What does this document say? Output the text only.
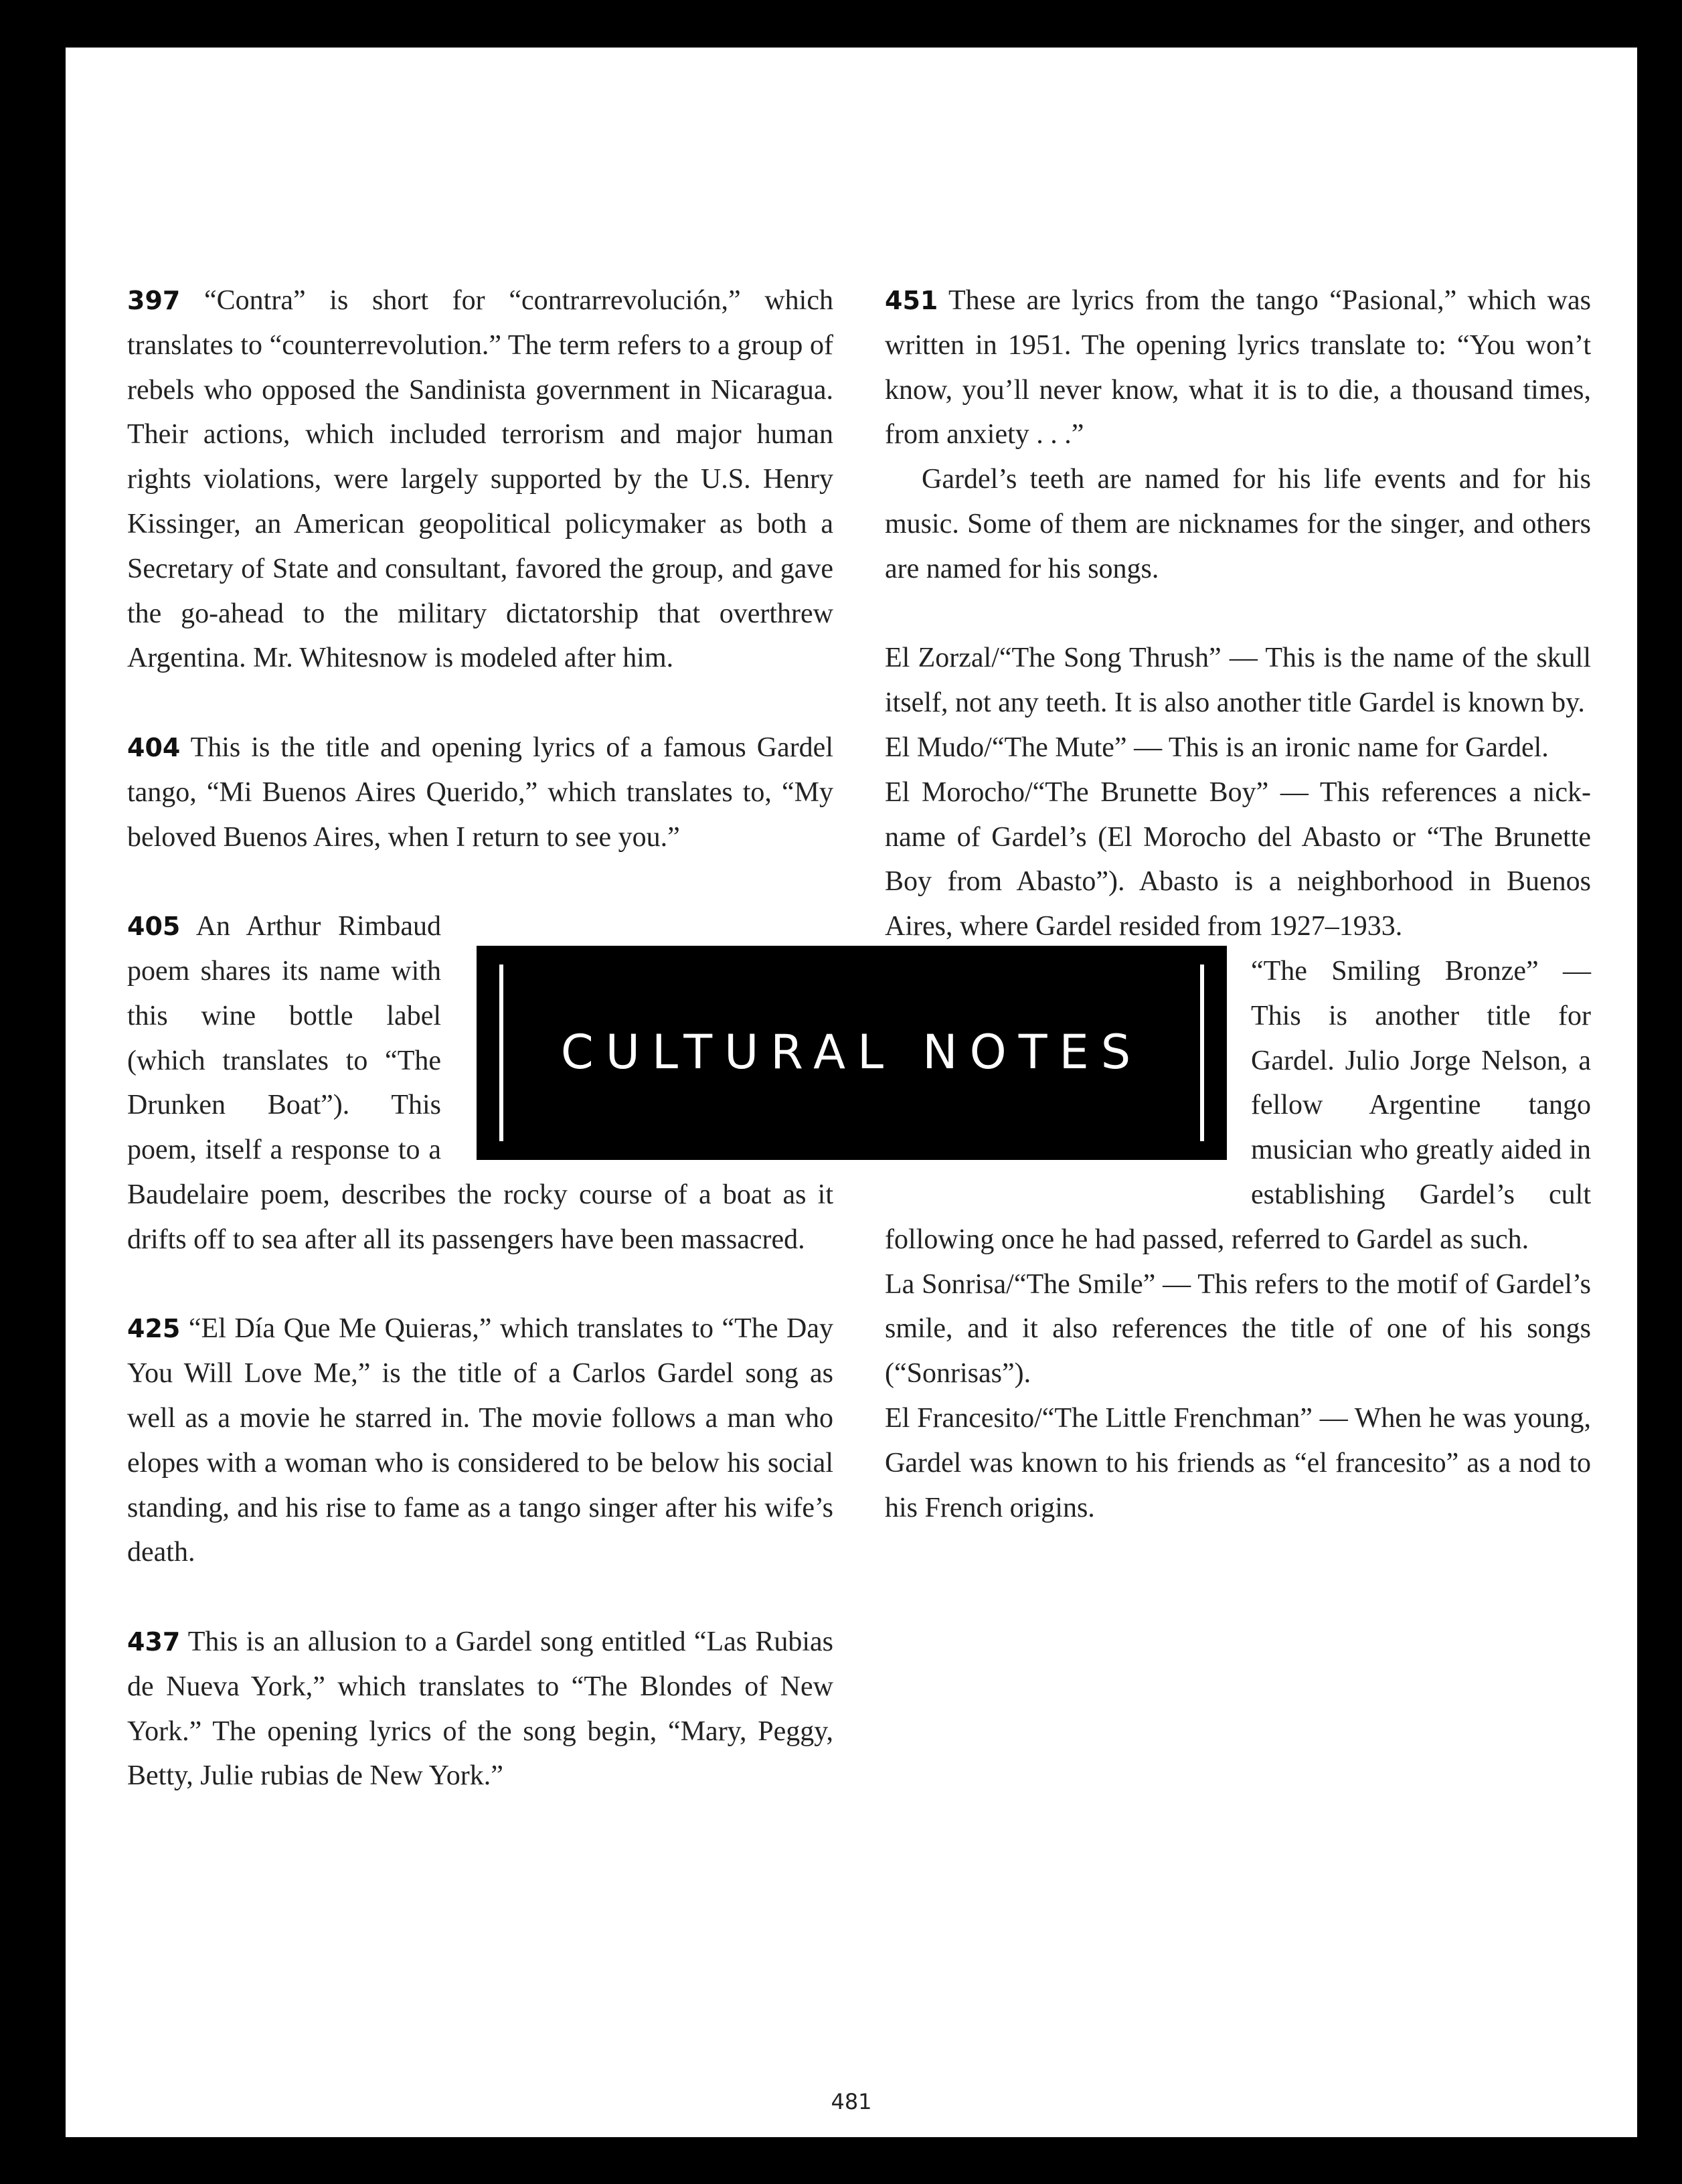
397 “Contra” is short for “contrarrevolución,” which translates to “counterrevolution.” The term refers to a group of rebels who opposed the Sandinista government in Nicaragua. Their actions, which included terrorism and major human rights violations, were largely supported by the U.S. Henry Kissinger, an American geopolitical policymaker as both a Secretary of State and consultant, favored the group, and gave the go-ahead to the military dictatorship that overthrew Argentina. Mr. Whitesnow is modeled after him.

404 This is the title and opening lyrics of a famous Gardel tango, “Mi Buenos Aires Querido,” which translates to, “My beloved Buenos Aires, when I return to see you.”

405 An Arthur Rimbaud poem shares its name with this wine bottle label (which translates to “The Drunken Boat”). This poem, itself a response to a Baudelaire poem, describes the rocky course of a boat as it drifts off to sea after all its passengers have been massacred.

425 “El Día Que Me Quieras,” which translates to “The Day You Will Love Me,” is the title of a Carlos Gardel song as well as a movie he starred in. The movie follows a man who elopes with a woman who is considered to be below his social standing, and his rise to fame as a tango singer after his wife’s death.

437 This is an allusion to a Gardel song entitled “Las Rubias de Nueva York,” which translates to “The Blondes of New York.” The opening lyrics of the song begin, “Mary, Peggy, Betty, Julie rubias de New York.”

451 These are lyrics from the tango “Pasional,” which was written in 1951. The opening lyrics translate to: “You won’t know, you’ll never know, what it is to die, a thousand times, from anxiety . . .”

Gardel’s teeth are named for his life events and for his music. Some of them are nicknames for the singer, and others are named for his songs.

El Zorzal/“The Song Thrush” — This is the name of the skull itself, not any teeth. It is also another title Gardel is known by.

El Mudo/“The Mute” — This is an ironic name for Gardel.

El Morocho/“The Brunette Boy” — This references a nickname of Gardel’s (El Morocho del Abasto or “The Brunette Boy from Abasto”). Abasto is a neighborhood in Buenos Aires, where Gardel resided from 1927–1933.

“The Smiling Bronze” — This is another title for Gardel. Julio Jorge Nelson, a fellow Argentine tango musician who greatly aided in establishing Gardel’s cult following once he had passed, referred to Gardel as such.

La Sonrisa/“The Smile” — This refers to the motif of Gardel’s smile, and it also references the title of one of his songs (“Sonrisas”).

El Francesito/“The Little Frenchman” — When he was young, Gardel was known to his friends as “el francesito” as a nod to his French origins.

CULTURAL NOTES
481
